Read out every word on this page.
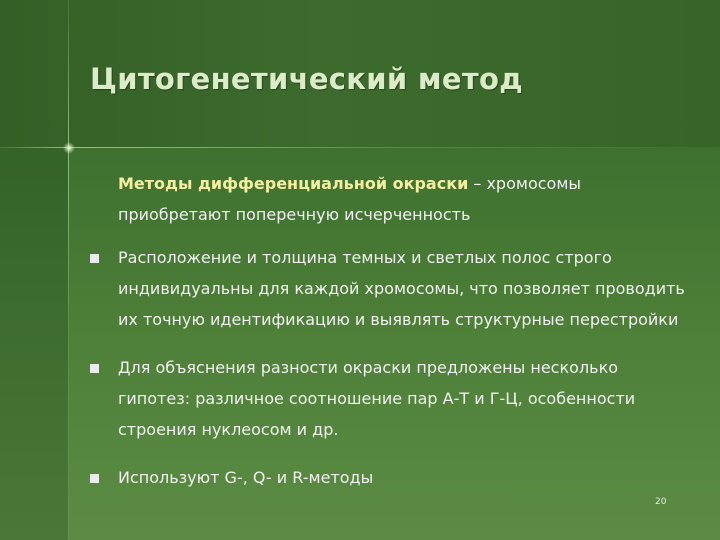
Цитогенетический метод
Методы дифференциальной окраски – хромосомы приобретают поперечную исчерченность
Расположение и толщина темных и светлых полос строго индивидуальны для каждой хромосомы, что позволяет проводить их точную идентификацию и выявлять структурные перестройки
Для объяснения разности окраски предложены несколько гипотез: различное соотношение пар А-Т и Г-Ц, особенности строения нуклеосом и др.
Используют G-, Q- и R-методы
20
